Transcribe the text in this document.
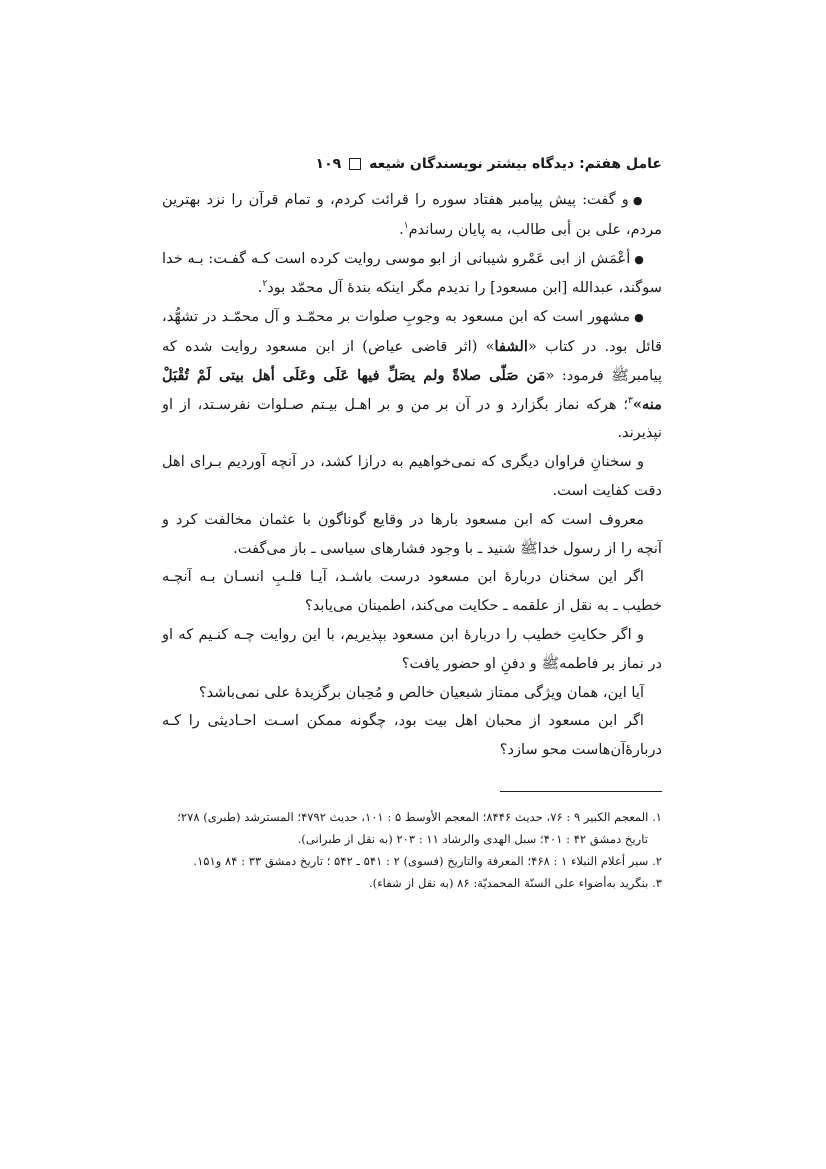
عامل هفتم: دیدگاه بیشتر نویسندگان شیعه
۱۰۹

●و گفت: پیش پیامبر هفتاد سوره را قرائت کردم، و تمام قرآن را نزد بهترین مردم، علی بن أبی طالب، به پایان رساندم$^۱$.

●أعْمَش از ابی عَمْرو شیبانی از ابو موسی روایت کرده است کـه گفـت: بـه خدا سوگند، عبدالله [ابن مسعود] را ندیدم مگر اینکه بندهٔ آل محمّد بود$^۲$.

●مشهور است که ابن مسعود به وجوبِ صلوات بر محمّـد و آل محمّـد در تشهُّد، قائل بود. در کتاب «الشفا» (اثر قاضی عیاض) از ابن مسعود روایت شده که پیامبرﷺ فرمود: «مَن صَلّی صلاةً ولم یصَلِّ فیها عَلَی وعَلَی أهل بیتی لَمْ تُقْبَلْ منه»$^۳$؛ هرکه نماز بگزارد و در آن بر من و بر اهـل بیـتم صـلوات نفرسـتد، از او نپذیرند.

و سخنانِ فراوان دیگری که نمی‌خواهیم به درازا کشد، در آنچه آوردیم بـرای اهل دقت کفایت است.

معروف است که ابن مسعود بارها در وقایع گوناگون با عثمان مخالفت کرد و آنچه را از رسول خداﷺ شنید ـ با وجود فشارهای سیاسی ـ باز می‌گفت.

اگر این سخنان دربارهٔ ابن مسعود درست باشـد، آیـا قلـبِ انسـان بـه آنچـه خطیب ـ به نقل از علقمه ـ حکایت می‌کند، اطمینان می‌یابد؟

و اگر حکایتِ خطیب را دربارهٔ ابن مسعود بپذیریم، با این روایت چـه کنـیم که او در نماز بر فاطمهﷺ و دفنِ او حضور یافت؟

آیا این، همان ویژگی ممتاز شیعیان خالص و مُحِبان برگزیدهٔ علی نمی‌باشد؟

اگر ابن مسعود از محبان اهل بیت بود، چگونه ممکن اسـت احـادیثی را کـه دربارهٔ‌آن‌هاست محو سازد؟

۱. المعجم الکبیر ۹ : ۷۶، حدیث ۸۴۴۶؛ المعجم الأوسط ۵ : ۱۰۱، حدیث ۴۷۹۲؛ المسترشد (طبری) ۲۷۸؛ تاریخ دمشق ۴۲ : ۴۰۱؛ سبل الهدی والرشاد ۱۱ : ۲۰۳ (به نقل از طبرانی).

۲. سیر أعلام النبلاء ۱ : ۴۶۸؛ المعرفة والتاریخ (فسوی) ۲ : ۵۴۱ ـ ۵۴۲ ؛ تاریخ دمشق ۳۳ : ۸۴ و۱۵۱.

۳. بنگرید به‌أضواء علی السنّة المحمدیّة: ۸۶ (به نقل از شفاء).
